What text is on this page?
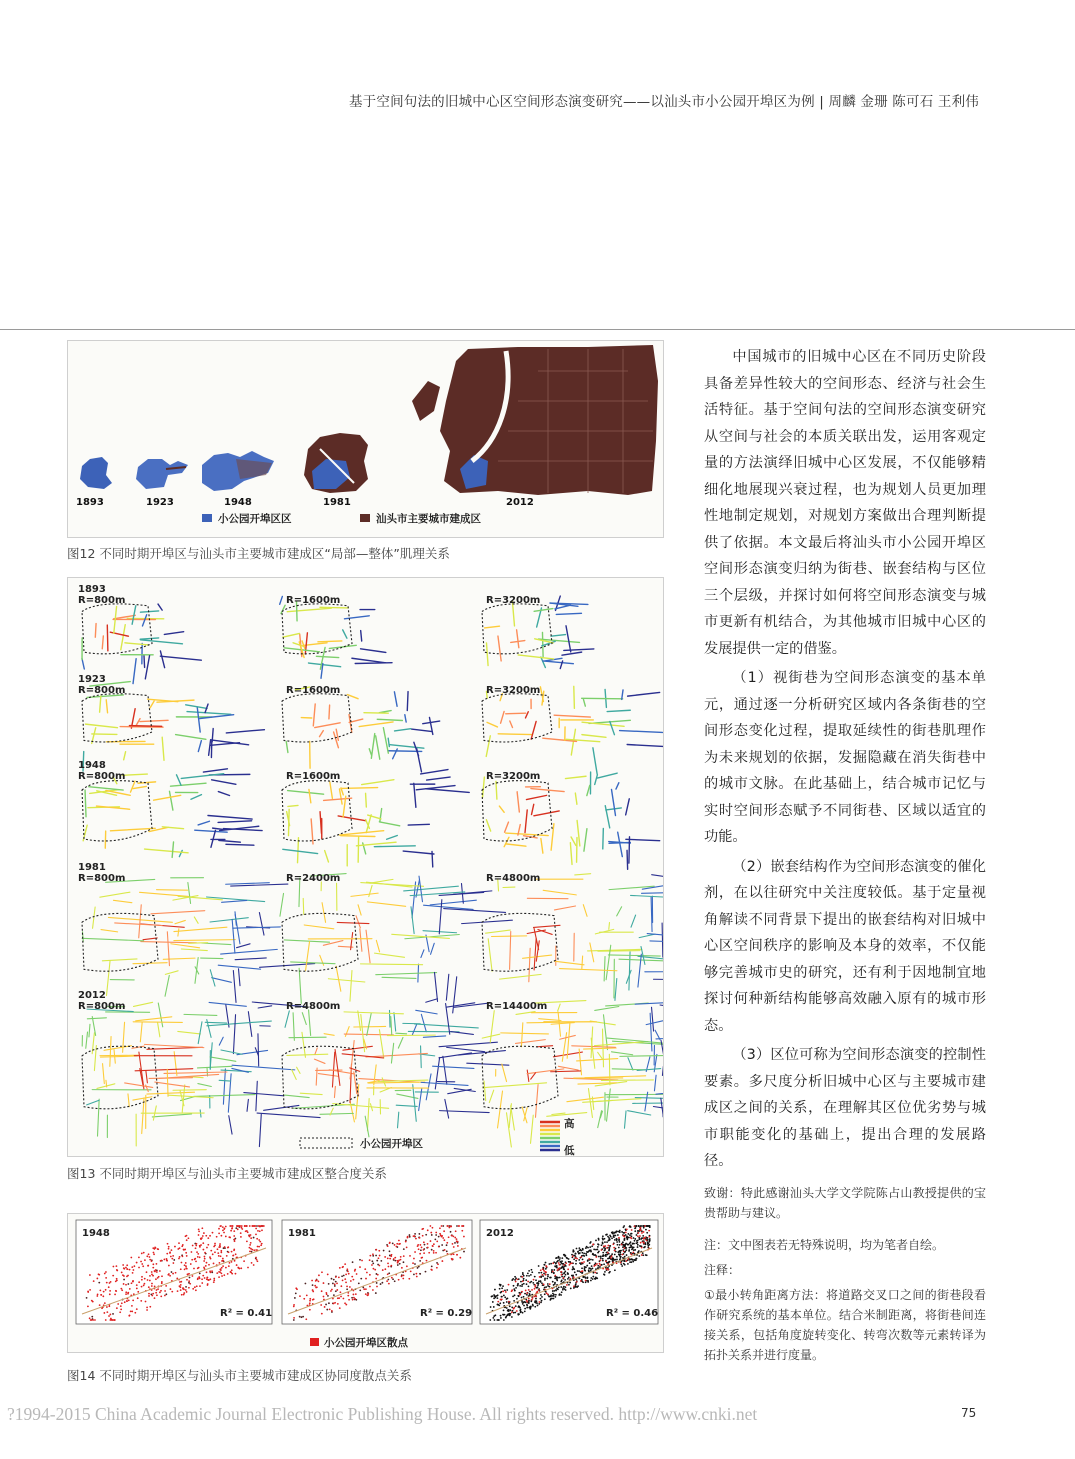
基于空间句法的旧城中心区空间形态演变研究——以汕头市小公园开埠区为例 | 周麟 金珊 陈可石 王利伟
1893	1923	1948	1981	2012
小公园开埠区区	汕头市主要城市建成区
图12 不同时期开埠区与汕头市主要城市建成区“局部—整体”肌理关系
1893
R=800m	R=1600m	R=3200m
1923
R=800m	R=1600m	R=3200m
1948
R=800m	R=1600m	R=3200m
1981
R=800m	R=2400m	R=4800m
2012
R=800m	R=4800m	R=14400m
小公园开埠区
高
低
图13 不同时期开埠区与汕头市主要城市建成区整合度关系
1948
R² = 0.41
1981
R² = 0.29
2012
R² = 0.46
小公园开埠区散点
图14 不同时期开埠区与汕头市主要城市建成区协同度散点关系

中国城市的旧城中心区在不同历史阶段具备差异性较大的空间形态、经济与社会生活特征。基于空间句法的空间形态演变研究从空间与社会的本质关联出发，运用客观定量的方法演绎旧城中心区发展，不仅能够精细化地展现兴衰过程，也为规划人员更加理性地制定规划，对规划方案做出合理判断提供了依据。本文最后将汕头市小公园开埠区空间形态演变归纳为街巷、嵌套结构与区位三个层级，并探讨如何将空间形态演变与城市更新有机结合，为其他城市旧城中心区的发展提供一定的借鉴。

（1）视街巷为空间形态演变的基本单元，通过逐一分析研究区域内各条街巷的空间形态变化过程，提取延续性的街巷肌理作为未来规划的依据，发掘隐藏在消失街巷中的城市文脉。在此基础上，结合城市记忆与实时空间形态赋予不同街巷、区域以适宜的功能。

（2）嵌套结构作为空间形态演变的催化剂，在以往研究中关注度较低。基于定量视角解读不同背景下提出的嵌套结构对旧城中心区空间秩序的影响及本身的效率，不仅能够完善城市史的研究，还有利于因地制宜地探讨何种新结构能够高效融入原有的城市形态。

（3）区位可称为空间形态演变的控制性要素。多尺度分析旧城中心区与主要城市建成区之间的关系，在理解其区位优劣势与城市职能变化的基础上，提出合理的发展路径。

致谢：特此感谢汕头大学文学院陈占山教授提供的宝贵帮助与建议。

注：文中图表若无特殊说明，均为笔者自绘。

注释：

①最小转角距离方法：将道路交叉口之间的街巷段看作研究系统的基本单位。结合米制距离，将街巷间连接关系，包括角度旋转变化、转弯次数等元素转译为拓扑关系并进行度量。

75
?1994-2015 China Academic Journal Electronic Publishing House. All rights reserved. http://www.cnki.net
